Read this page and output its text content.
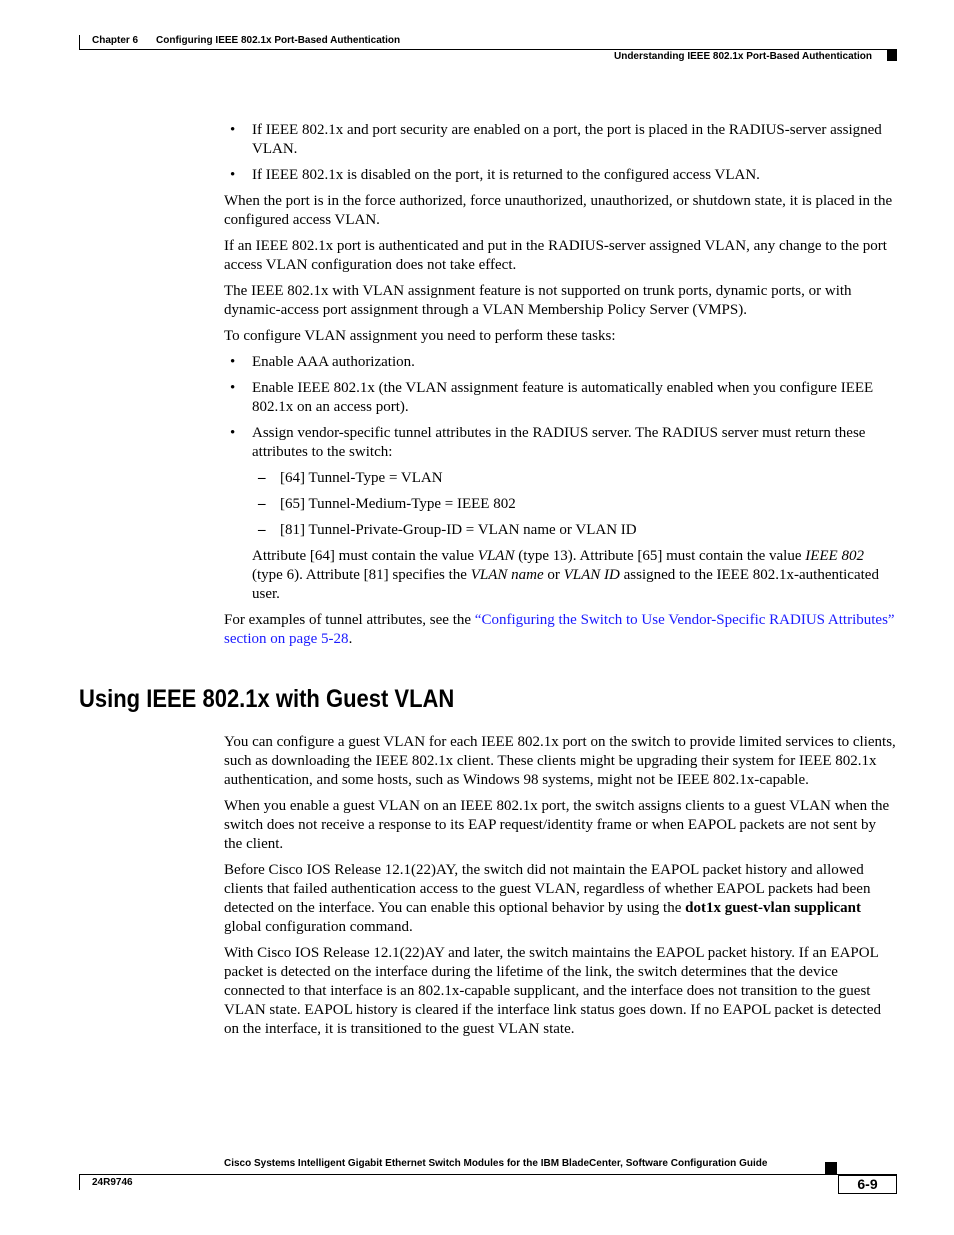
Chapter 6 Configuring IEEE 802.1x Port-Based Authentication
Understanding IEEE 802.1x Port-Based Authentication
• If IEEE 802.1x and port security are enabled on a port, the port is placed in the RADIUS-server assigned VLAN.
• If IEEE 802.1x is disabled on the port, it is returned to the configured access VLAN.

When the port is in the force authorized, force unauthorized, unauthorized, or shutdown state, it is placed in the configured access VLAN.

If an IEEE 802.1x port is authenticated and put in the RADIUS-server assigned VLAN, any change to the port access VLAN configuration does not take effect.

The IEEE 802.1x with VLAN assignment feature is not supported on trunk ports, dynamic ports, or with dynamic-access port assignment through a VLAN Membership Policy Server (VMPS).

To configure VLAN assignment you need to perform these tasks:

• Enable AAA authorization.
• Enable IEEE 802.1x (the VLAN assignment feature is automatically enabled when you configure IEEE 802.1x on an access port).
• Assign vendor-specific tunnel attributes in the RADIUS server. The RADIUS server must return these attributes to the switch:
– [64] Tunnel-Type = VLAN
– [65] Tunnel-Medium-Type = IEEE 802
– [81] Tunnel-Private-Group-ID = VLAN name or VLAN ID

Attribute [64] must contain the value VLAN (type 13). Attribute [65] must contain the value IEEE 802 (type 6). Attribute [81] specifies the VLAN name or VLAN ID assigned to the IEEE 802.1x-authenticated user.

For examples of tunnel attributes, see the “Configuring the Switch to Use Vendor-Specific RADIUS Attributes” section on page 5-28.

Using IEEE 802.1x with Guest VLAN

You can configure a guest VLAN for each IEEE 802.1x port on the switch to provide limited services to clients, such as downloading the IEEE 802.1x client. These clients might be upgrading their system for IEEE 802.1x authentication, and some hosts, such as Windows 98 systems, might not be IEEE 802.1x-capable.

When you enable a guest VLAN on an IEEE 802.1x port, the switch assigns clients to a guest VLAN when the switch does not receive a response to its EAP request/identity frame or when EAPOL packets are not sent by the client.

Before Cisco IOS Release 12.1(22)AY, the switch did not maintain the EAPOL packet history and allowed clients that failed authentication access to the guest VLAN, regardless of whether EAPOL packets had been detected on the interface. You can enable this optional behavior by using the dot1x guest-vlan supplicant global configuration command.

With Cisco IOS Release 12.1(22)AY and later, the switch maintains the EAPOL packet history. If an EAPOL packet is detected on the interface during the lifetime of the link, the switch determines that the device connected to that interface is an 802.1x-capable supplicant, and the interface does not transition to the guest VLAN state. EAPOL history is cleared if the interface link status goes down. If no EAPOL packet is detected on the interface, it is transitioned to the guest VLAN state.

Cisco Systems Intelligent Gigabit Ethernet Switch Modules for the IBM BladeCenter, Software Configuration Guide
24R9746	6-9
